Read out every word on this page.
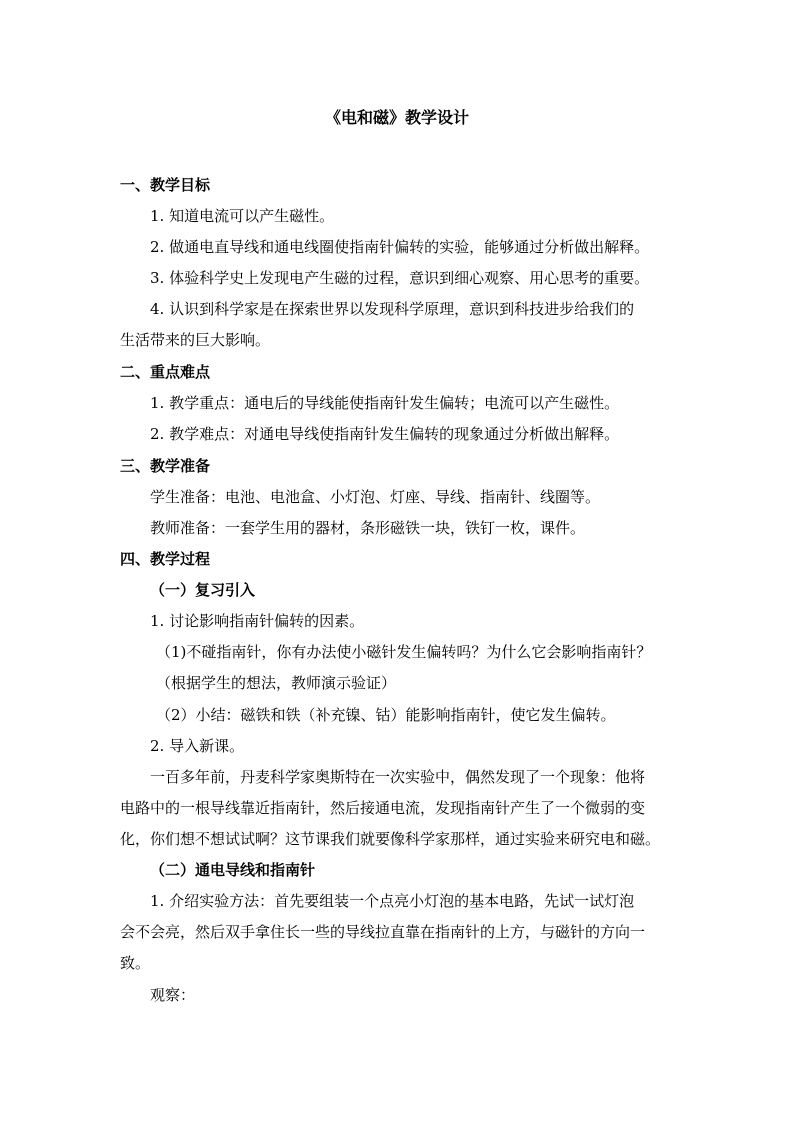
《电和磁》教学设计
一、教学目标
1. 知道电流可以产生磁性。
2. 做通电直导线和通电线圈使指南针偏转的实验，能够通过分析做出解释。
3. 体验科学史上发现电产生磁的过程，意识到细心观察、用心思考的重要。
4. 认识到科学家是在探索世界以发现科学原理，意识到科技进步给我们的
生活带来的巨大影响。
二、重点难点
1. 教学重点：通电后的导线能使指南针发生偏转；电流可以产生磁性。
2. 教学难点：对通电导线使指南针发生偏转的现象通过分析做出解释。
三、教学准备
学生准备：电池、电池盒、小灯泡、灯座、导线、指南针、线圈等。
教师准备：一套学生用的器材，条形磁铁一块，铁钉一枚，课件。
四、教学过程
（一）复习引入
1. 讨论影响指南针偏转的因素。
（1)不碰指南针，你有办法使小磁针发生偏转吗？为什么它会影响指南针？
（根据学生的想法，教师演示验证）
（2）小结：磁铁和铁（补充镍、钴）能影响指南针，使它发生偏转。
2. 导入新课。
一百多年前，丹麦科学家奥斯特在一次实验中，偶然发现了一个现象：他将
电路中的一根导线靠近指南针，然后接通电流，发现指南针产生了一个微弱的变
化，你们想不想试试啊？这节课我们就要像科学家那样，通过实验来研究电和磁。
（二）通电导线和指南针
1. 介绍实验方法：首先要组装一个点亮小灯泡的基本电路，先试一试灯泡
会不会亮，然后双手拿住长一些的导线拉直靠在指南针的上方，与磁针的方向一
致。
观察：
